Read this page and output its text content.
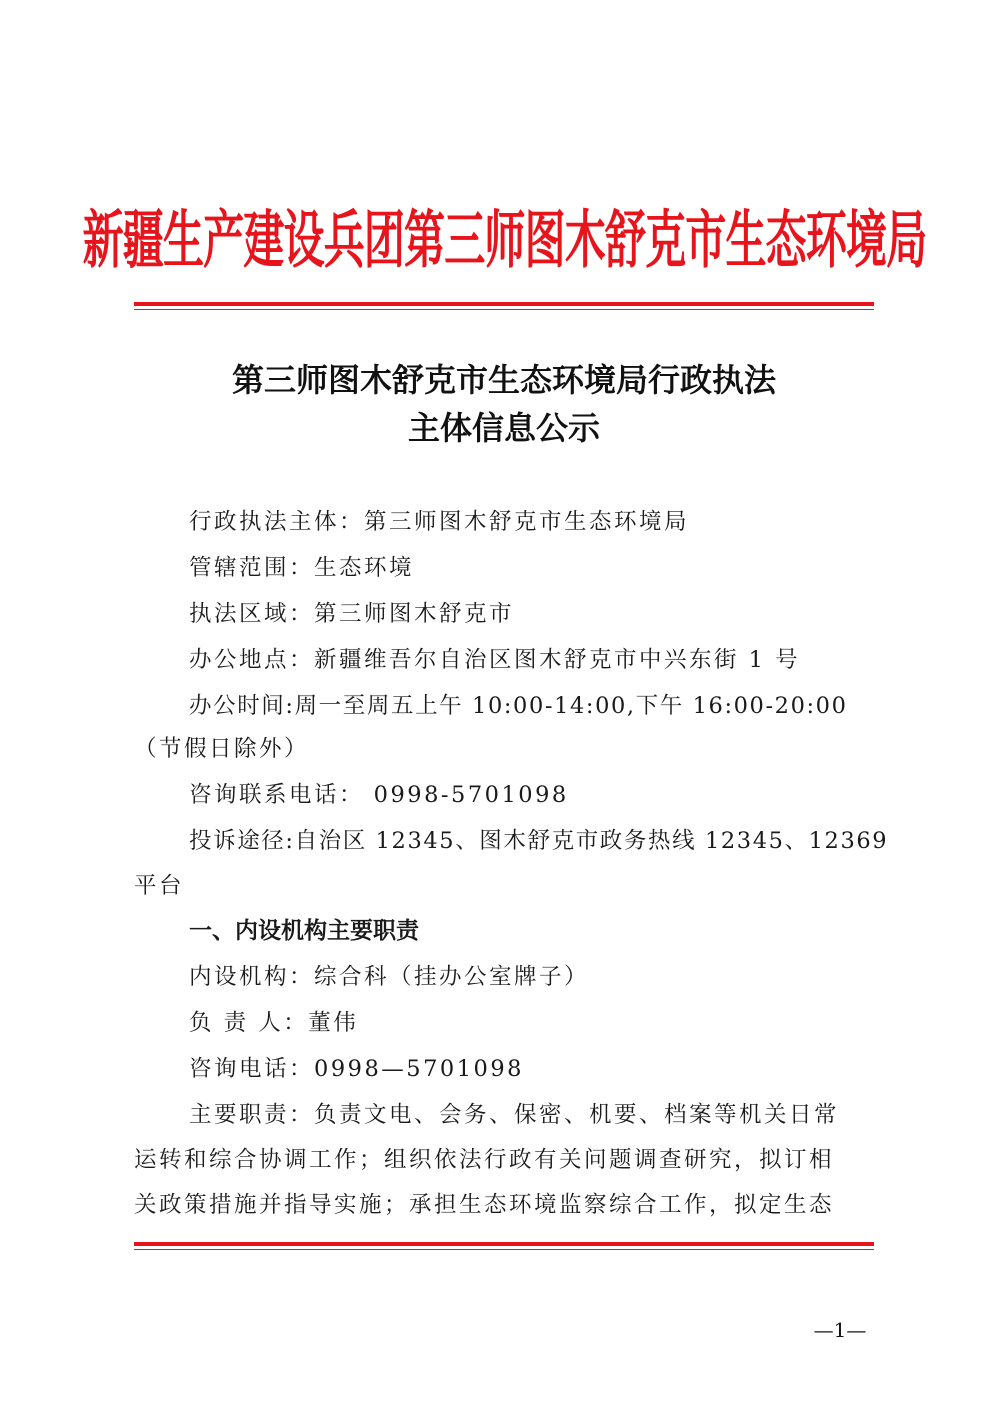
新疆生产建设兵团第三师图木舒克市生态环境局
第三师图木舒克市生态环境局行政执法
主体信息公示
行政执法主体：第三师图木舒克市生态环境局
管辖范围：生态环境
执法区域：第三师图木舒克市
办公地点：新疆维吾尔自治区图木舒克市中兴东街 1 号
办公时间:周一至周五上午 10:00-14:00,下午 16:00-20:00
（节假日除外）
咨询联系电话： 0998-5701098
投诉途径:自治区 12345、图木舒克市政务热线 12345、12369
平台
一、内设机构主要职责
内设机构：综合科（挂办公室牌子）
负 责 人：董伟
咨询电话：0998—5701098
主要职责：负责文电、会务、保密、机要、档案等机关日常
运转和综合协调工作；组织依法行政有关问题调查研究，拟订相
关政策措施并指导实施；承担生态环境监察综合工作，拟定生态
—1—
